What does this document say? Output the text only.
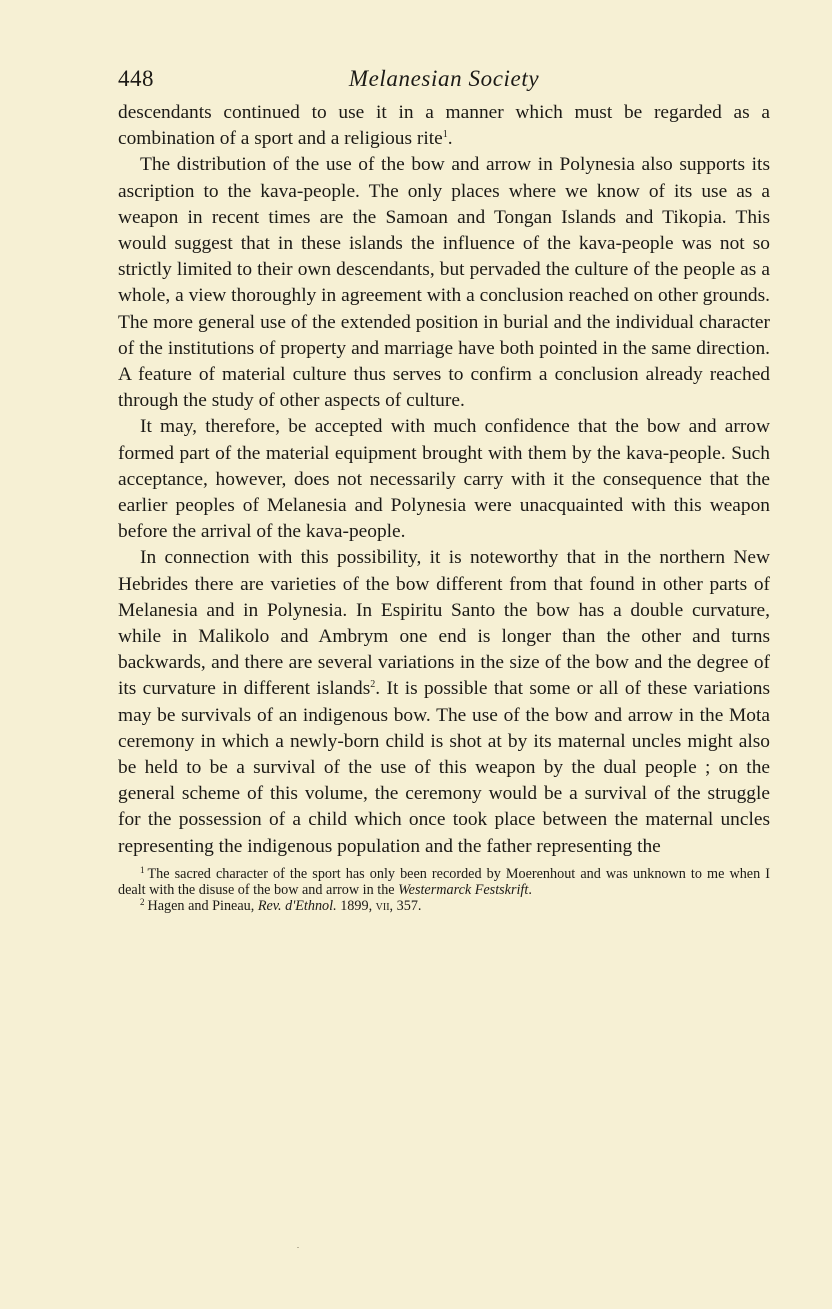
448	Melanesian Society

descendants continued to use it in a manner which must be regarded as a combination of a sport and a religious rite$^1$.

The distribution of the use of the bow and arrow in Polynesia also supports its ascription to the kava-people. The only places where we know of its use as a weapon in recent times are the Samoan and Tongan Islands and Tikopia. This would suggest that in these islands the influence of the kava-people was not so strictly limited to their own descendants, but pervaded the culture of the people as a whole, a view thoroughly in agreement with a conclusion reached on other grounds. The more general use of the extended position in burial and the individual character of the institutions of property and marriage have both pointed in the same direction. A feature of material culture thus serves to confirm a conclusion already reached through the study of other aspects of culture.

It may, therefore, be accepted with much confidence that the bow and arrow formed part of the material equipment brought with them by the kava-people. Such acceptance, however, does not necessarily carry with it the consequence that the earlier peoples of Melanesia and Polynesia were unacquainted with this weapon before the arrival of the kava-people.

In connection with this possibility, it is noteworthy that in the northern New Hebrides there are varieties of the bow different from that found in other parts of Melanesia and in Polynesia. In Espiritu Santo the bow has a double curvature, while in Malikolo and Ambrym one end is longer than the other and turns backwards, and there are several variations in the size of the bow and the degree of its curvature in different islands$^2$. It is possible that some or all of these variations may be survivals of an indigenous bow. The use of the bow and arrow in the Mota ceremony in which a newly-born child is shot at by its maternal uncles might also be held to be a survival of the use of this weapon by the dual people ; on the general scheme of this volume, the ceremony would be a survival of the struggle for the possession of a child which once took place between the maternal uncles representing the indigenous population and the father representing the

$^1$ The sacred character of the sport has only been recorded by Moerenhout and was unknown to me when I dealt with the disuse of the bow and arrow in the Westermarck Festskrift.

$^2$ Hagen and Pineau, Rev. d'Ethnol. 1899, vii, 357.
